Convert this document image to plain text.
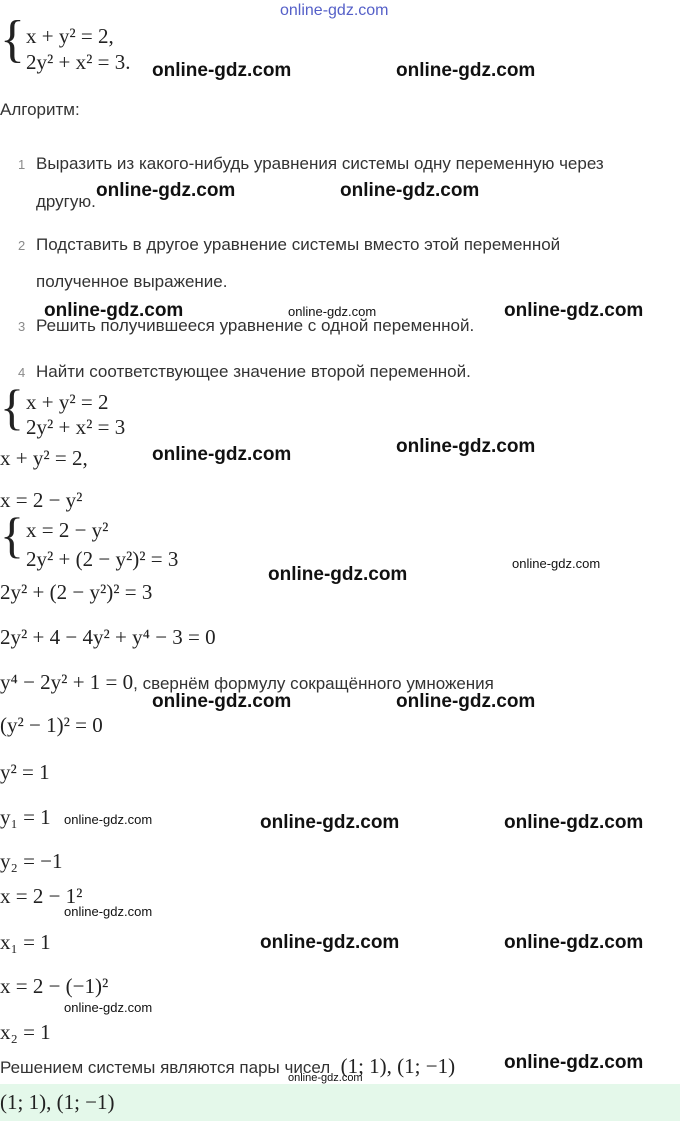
online-gdz.com
{ x + y² = 2,
2y² + x² = 3.
Алгоритм:
1 Выразить из какого-нибудь уравнения системы одну переменную через
другую.
2 Подставить в другое уравнение системы вместо этой переменной
полученное выражение.
3 Решить получившееся уравнение с одной переменной.
4 Найти соответствующее значение второй переменной.
{ x + y² = 2
2y² + x² = 3
x + y² = 2,
x = 2 − y²
{ x = 2 − y²
2y² + (2 − y²)² = 3
2y² + (2 − y²)² = 3
2y² + 4 − 4y² + y⁴ − 3 = 0
y⁴ − 2y² + 1 = 0, свернём формулу сокращённого умножения
(y² − 1)² = 0
y² = 1
y₁ = 1
y₂ = −1
x = 2 − 1²
x₁ = 1
x = 2 − (−1)²
x₂ = 1
Решением системы являются пары чисел (1; 1), (1; −1)
(1; 1), (1; −1)
online-gdz.com	online-gdz.com
online-gdz.com	online-gdz.com
online-gdz.com	online-gdz.com	online-gdz.com
online-gdz.com
online-gdz.com
online-gdz.com
online-gdz.com
online-gdz.com	online-gdz.com
online-gdz.com	online-gdz.com	online-gdz.com
online-gdz.com
online-gdz.com	online-gdz.com
online-gdz.com
online-gdz.com
online-gdz.com
